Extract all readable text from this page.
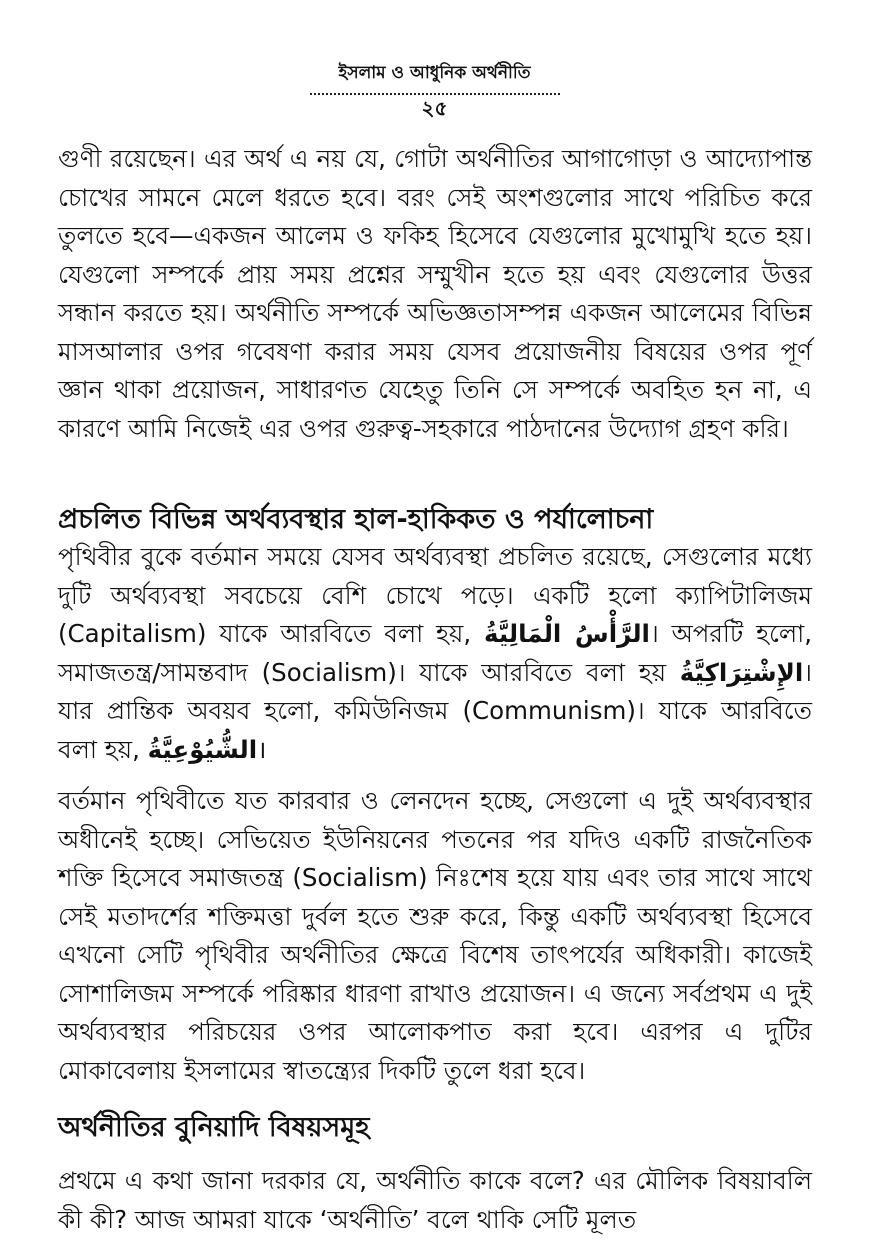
ইসলাম ও আধুনিক অর্থনীতি
২৫

গুণী রয়েছেন। এর অর্থ এ নয় যে, গোটা অর্থনীতির আগাগোড়া ও আদ্যোপান্ত চোখের সামনে মেলে ধরতে হবে। বরং সেই অংশগুলোর সাথে পরিচিত করে তুলতে হবে—একজন আলেম ও ফকিহ হিসেবে যেগুলোর মুখোমুখি হতে হয়। যেগুলো সম্পর্কে প্রায় সময় প্রশ্নের সম্মুখীন হতে হয় এবং যেগুলোর উত্তর সন্ধান করতে হয়। অর্থনীতি সম্পর্কে অভিজ্ঞতাসম্পন্ন একজন আলেমের বিভিন্ন মাসআলার ওপর গবেষণা করার সময় যেসব প্রয়োজনীয় বিষয়ের ওপর পূর্ণ জ্ঞান থাকা প্রয়োজন, সাধারণত যেহেতু তিনি সে সম্পর্কে অবহিত হন না, এ কারণে আমি নিজেই এর ওপর গুরুত্ব-সহকারে পাঠদানের উদ্যোগ গ্রহণ করি।

প্রচলিত বিভিন্ন অর্থব্যবস্থার হাল-হাকিকত ও পর্যালোচনা

পৃথিবীর বুকে বর্তমান সময়ে যেসব অর্থব্যবস্থা প্রচলিত রয়েছে, সেগুলোর মধ্যে দুটি অর্থব্যবস্থা সবচেয়ে বেশি চোখে পড়ে। একটি হলো ক্যাপিটালিজম (Capitalism) যাকে আরবিতে বলা হয়, الرَّأْسُ الْمَالِيَّةُ। অপরটি হলো, সমাজতন্ত্র/সামন্তবাদ (Socialism)। যাকে আরবিতে বলা হয় الإِشْتِرَاكِيَّةُ। যার প্রান্তিক অবয়ব হলো, কমিউনিজম (Communism)। যাকে আরবিতে বলা হয়, الشُّيُوْعِيَّةُ।

বর্তমান পৃথিবীতে যত কারবার ও লেনদেন হচ্ছে, সেগুলো এ দুই অর্থব্যবস্থার অধীনেই হচ্ছে। সেভিয়েত ইউনিয়নের পতনের পর যদিও একটি রাজনৈতিক শক্তি হিসেবে সমাজতন্ত্র (Socialism) নিঃশেষ হয়ে যায় এবং তার সাথে সাথে সেই মতাদর্শের শক্তিমত্তা দুর্বল হতে শুরু করে, কিন্তু একটি অর্থব্যবস্থা হিসেবে এখনো সেটি পৃথিবীর অর্থনীতির ক্ষেত্রে বিশেষ তাৎপর্যের অধিকারী। কাজেই সোশালিজম সম্পর্কে পরিষ্কার ধারণা রাখাও প্রয়োজন। এ জন্যে সর্বপ্রথম এ দুই অর্থব্যবস্থার পরিচয়ের ওপর আলোকপাত করা হবে। এরপর এ দুটির মোকাবেলায় ইসলামের স্বাতন্ত্র্যের দিকটি তুলে ধরা হবে।

অর্থনীতির বুনিয়াদি বিষয়সমূহ

প্রথমে এ কথা জানা দরকার যে, অর্থনীতি কাকে বলে? এর মৌলিক বিষয়াবলি কী কী? আজ আমরা যাকে ‘অর্থনীতি’ বলে থাকি সেটি মূলত
